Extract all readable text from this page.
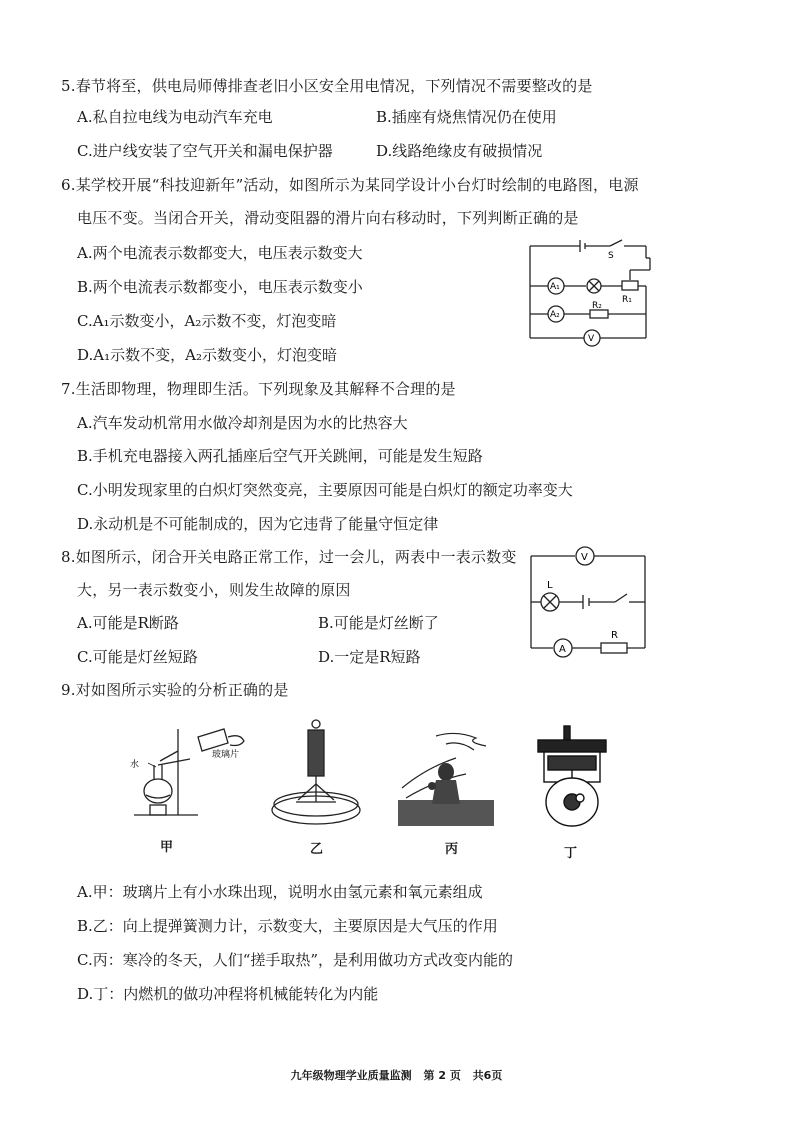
5.春节将至，供电局师傅排查老旧小区安全用电情况，下列情况不需要整改的是
A.私自拉电线为电动汽车充电	B.插座有烧焦情况仍在使用
C.进户线安装了空气开关和漏电保护器	D.线路绝缘皮有破损情况
6.某学校开展“科技迎新年”活动，如图所示为某同学设计小台灯时绘制的电路图，电源
电压不变。当闭合开关，滑动变阻器的滑片向右移动时，下列判断正确的是
A.两个电流表示数都变大，电压表示数变大
B.两个电流表示数都变小，电压表示数变小
C.A₁示数变小，A₂示数不变，灯泡变暗
D.A₁示数不变，A₂示数变小，灯泡变暗
S
A₁
R₁
A₂
R₂
V
7.生活即物理，物理即生活。下列现象及其解释不合理的是
A.汽车发动机常用水做冷却剂是因为水的比热容大
B.手机充电器接入两孔插座后空气开关跳闸，可能是发生短路
C.小明发现家里的白炽灯突然变亮，主要原因可能是白炽灯的额定功率变大
D.永动机是不可能制成的，因为它违背了能量守恒定律
8.如图所示，闭合开关电路正常工作，过一会儿，两表中一表示数变
大，另一表示数变小，则发生故障的原因
A.可能是R断路	B.可能是灯丝断了
C.可能是灯丝短路	D.一定是R短路
V
L
A
R
9.对如图所示实验的分析正确的是
水
玻璃片
甲	乙	丙	丁
A.甲：玻璃片上有小水珠出现，说明水由氢元素和氧元素组成
B.乙：向上提弹簧测力计，示数变大，主要原因是大气压的作用
C.丙：寒冷的冬天，人们“搓手取热”，是利用做功方式改变内能的
D.丁：内燃机的做功冲程将机械能转化为内能
九年级物理学业质量监测 第 2 页 共6页
